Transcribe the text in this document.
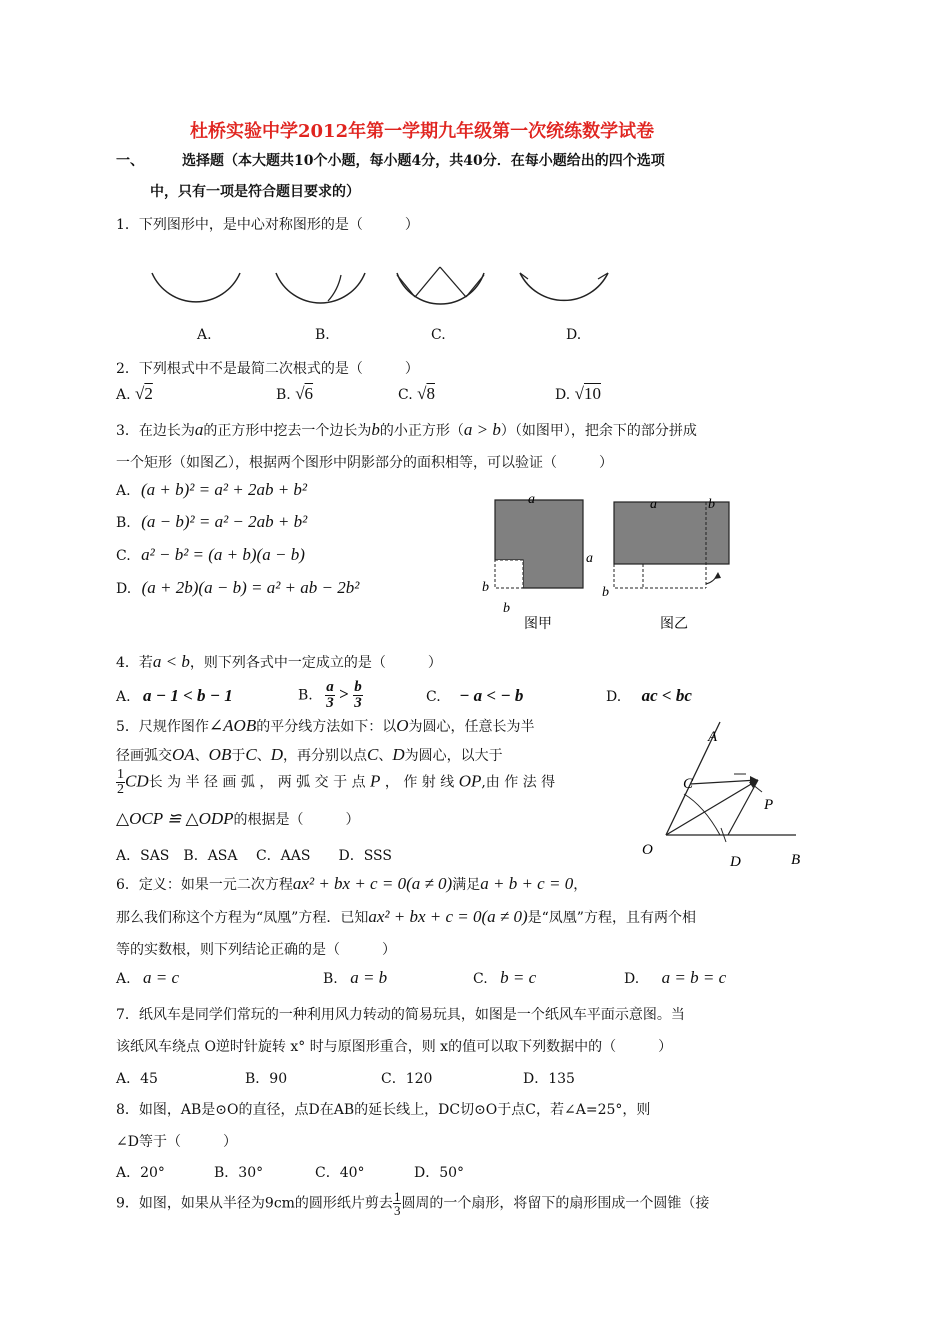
杜桥实验中学2012年第一学期九年级第一次统练数学试卷
一、	选择题（本大题共10个小题，每小题4分，共40分．在每小题给出的四个选项
中，只有一项是符合题目要求的）
1．下列图形中，是中心对称图形的是（　　　）
A.	B.	C.	D.
2．下列根式中不是最简二次根式的是（　　　）
A. √2	B. √6	C. √8	D. √10
3．在边长为a的正方形中挖去一个边长为b的小正方形（a > b）（如图甲），把余下的部分拼成
一个矩形（如图乙），根据两个图形中阴影部分的面积相等，可以验证（　　　）
A. (a + b)² = a² + 2ab + b²
B. (a − b)² = a² − 2ab + b²
C. a² − b² = (a + b)(a − b)
D. (a + 2b)(a − b) = a² + ab − 2b²
a
a
b
b
图甲
a	b
b
图乙
4．若a < b，则下列各式中一定成立的是（　　　）
A. a − 1 < b − 1	B. $\frac{a}{3} > \frac{b}{3}$	C. − a < − b	D. ac < bc
5．尺规作图作∠AOB的平分线方法如下：以O为圆心，任意长为半
径画弧交OA、OB于C、D，再分别以点C、D为圆心，以大于
$\frac{1}{2}$ CD长 为 半 径 画 弧 ， 两 弧 交 于 点 P ， 作 射 线 OP,由 作 法 得
△OCP ≌ △ODP的根据是（　　　）
A．SAS　B．ASA　 C．AAS　　D．SSS
A
C
P
O
D	B
6．定义：如果一元二次方程ax² + bx + c = 0(a ≠ 0)满足a + b + c = 0，
那么我们称这个方程为“凤凰”方程．已知ax² + bx + c = 0(a ≠ 0)是“凤凰”方程，且有两个相
等的实数根，则下列结论正确的是（　　　）
A. a = c	B. a = b	C. b = c	D. a = b = c
7．纸风车是同学们常玩的一种利用风力转动的简易玩具，如图是一个纸风车平面示意图。当
该纸风车绕点 O逆时针旋转 x° 时与原图形重合，则 x的值可以取下列数据中的（　　　）
A．45	B．90	C．120	D．135
8．如图，AB是⊙O的直径，点D在AB的延长线上，DC切⊙O于点C，若∠A=25°，则
∠D等于（　　　）
A．20°	B．30°	C．40°	D．50°
9．如图，如果从半径为9cm的圆形纸片剪去 $\frac{1}{3}$ 圆周的一个扇形，将留下的扇形围成一个圆锥（接
